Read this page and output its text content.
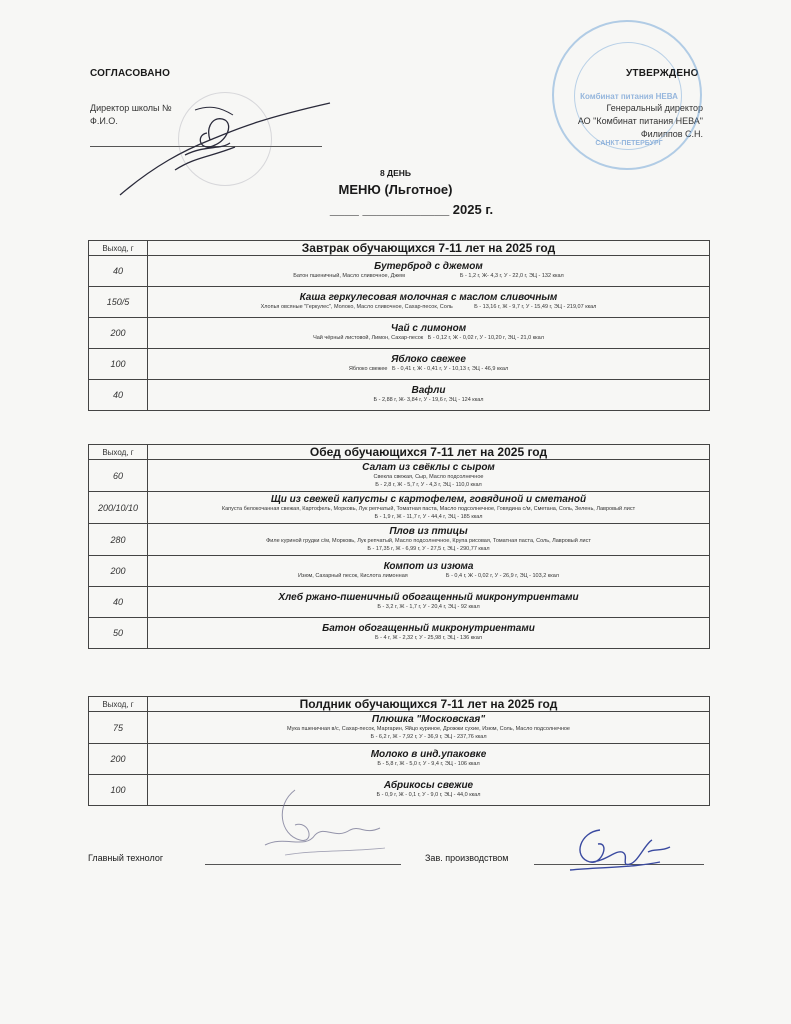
СОГЛАСОВАНО
Директор школы №
Ф.И.О.
УТВЕРЖДЕНО
Генеральный директор
АО "Комбинат питания НЕВА"
Филиппов С.Н.
Комбинат питания НЕВА
САНКТ-ПЕТЕРБУРГ
8 ДЕНЬ
МЕНЮ (Льготное)
____ ____________ 2025 г.
Выход, г	Завтрак обучающихся 7-11 лет на 2025 год
40	Бутерброд с джемом
Батон пшеничный, Масло сливочное, Джем                                    Б - 1,2 г, Ж- 4,3 г, У - 22,0 г, ЭЦ - 132 ккал

150/5	Каша геркулесовая молочная с маслом сливочным
Хлопья овсяные "Геркулес", Молоко, Масло сливочное, Сахар-песок, Соль              Б - 13,16 г, Ж - 9,7 г, У - 15,49 г, ЭЦ - 219,07 ккал

200	Чай с лимоном
Чай чёрный листовой, Лимон, Сахар-песок   Б - 0,12 г, Ж - 0,02 г, У - 10,20 г, ЭЦ - 21,0 ккал

100	Яблоко свежее
Яблоко свежее   Б - 0,41 г, Ж - 0,41 г, У - 10,13 г, ЭЦ - 46,9 ккал

40	Вафли
Б - 2,88 г, Ж- 3,84 г, У - 19,6 г, ЭЦ - 124 ккал
Выход, г	Обед обучающихся 7-11 лет на 2025 год
60	Салат из свёклы с сыром
Свекла свежая, Сыр, Масло подсолнечное
Б - 2,8 г, Ж - 5,7 г, У - 4,3 г, ЭЦ - 110,0 ккал

200/10/10	Щи из свежей капусты с картофелем, говядиной и сметаной
Капуста белокочанная свежая, Картофель, Морковь, Лук репчатый, Томатная паста, Масло подсолнечное, Говядина с/м, Сметана, Соль, Зелень, Лавровый лист
Б - 1,9 г, Ж - 11,7 г, У - 44,4 г, ЭЦ - 185 ккал

280	Плов из птицы
Филе куриной грудки с/м, Морковь, Лук репчатый, Масло подсолнечное, Крупа рисовая, Томатная паста, Соль, Лавровый лист
Б - 17,35 г, Ж - 6,99 г, У - 27,5 г, ЭЦ - 290,77 ккал

200	Компот из изюма
Изюм, Сахарный песок, Кислота лимонная                         Б - 0,4 г, Ж - 0,02 г, У - 26,9 г, ЭЦ - 103,2 ккал

40	Хлеб ржано-пшеничный обогащенный микронутриентами
Б - 3,2 г, Ж - 1,7 г, У - 20,4 г, ЭЦ - 92 ккал

50	Батон обогащенный микронутриентами
Б - 4 г, Ж - 2,32 г, У - 25,98 г, ЭЦ - 136 ккал
Выход, г	Полдник обучающихся 7-11 лет на 2025 год
75	Плюшка "Московская"
Мука пшеничная в/с, Сахар-песок, Маргарин, Яйцо куриное, Дрожжи сухие, Изюм, Соль, Масло подсолнечное
Б - 6,2 г, Ж - 7,92 г, У - 36,9 г, ЭЦ - 237,76 ккал

200	Молоко в инд.упаковке
Б - 5,8 г, Ж - 5,0 г, У - 9,4 г, ЭЦ - 106 ккал

100	Абрикосы свежие
Б - 0,9 г, Ж - 0,1 г, У - 9,0 г, ЭЦ - 44,0 ккал
Главный технолог	Зав. производством
